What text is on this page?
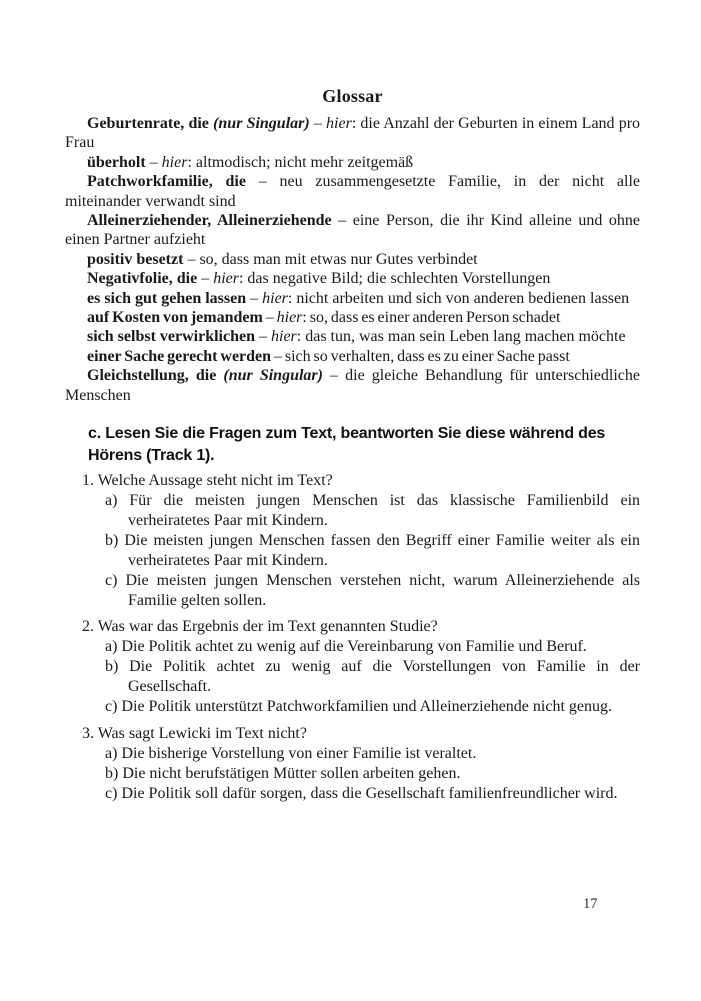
Glossar

Geburtenrate, die (nur Singular) – hier: die Anzahl der Geburten in einem Land pro Frau

überholt – hier: altmodisch; nicht mehr zeitgemäß

Patchworkfamilie, die – neu zusammengesetzte Familie, in der nicht alle miteinander verwandt sind

Alleinerziehender, Alleinerziehende – eine Person, die ihr Kind alleine und ohne einen Partner aufzieht

positiv besetzt – so, dass man mit etwas nur Gutes verbindet

Negativfolie, die – hier: das negative Bild; die schlechten Vorstellungen

es sich gut gehen lassen – hier: nicht arbeiten und sich von anderen bedienen lassen

auf Kosten von jemandem – hier: so, dass es einer anderen Person schadet

sich selbst verwirklichen – hier: das tun, was man sein Leben lang machen möchte

einer Sache gerecht werden – sich so verhalten, dass es zu einer Sache passt

Gleichstellung, die (nur Singular) – die gleiche Behandlung für unterschiedliche Menschen

c. Lesen Sie die Fragen zum Text, beantworten Sie diese während des Hörens (Track 1).
1. Welche Aussage steht nicht im Text?
a) Für die meisten jungen Menschen ist das klassische Familienbild ein verheiratetes Paar mit Kindern.
b) Die meisten jungen Menschen fassen den Begriff einer Familie weiter als ein verheiratetes Paar mit Kindern.
c) Die meisten jungen Menschen verstehen nicht, warum Alleinerziehende als Familie gelten sollen.
2. Was war das Ergebnis der im Text genannten Studie?
a) Die Politik achtet zu wenig auf die Vereinbarung von Familie und Beruf.
b) Die Politik achtet zu wenig auf die Vorstellungen von Familie in der Gesellschaft.
c) Die Politik unterstützt Patchworkfamilien und Alleinerziehende nicht genug.
3. Was sagt Lewicki im Text nicht?
a) Die bisherige Vorstellung von einer Familie ist veraltet.
b) Die nicht berufstätigen Mütter sollen arbeiten gehen.
c) Die Politik soll dafür sorgen, dass die Gesellschaft familienfreundlicher wird.
17
